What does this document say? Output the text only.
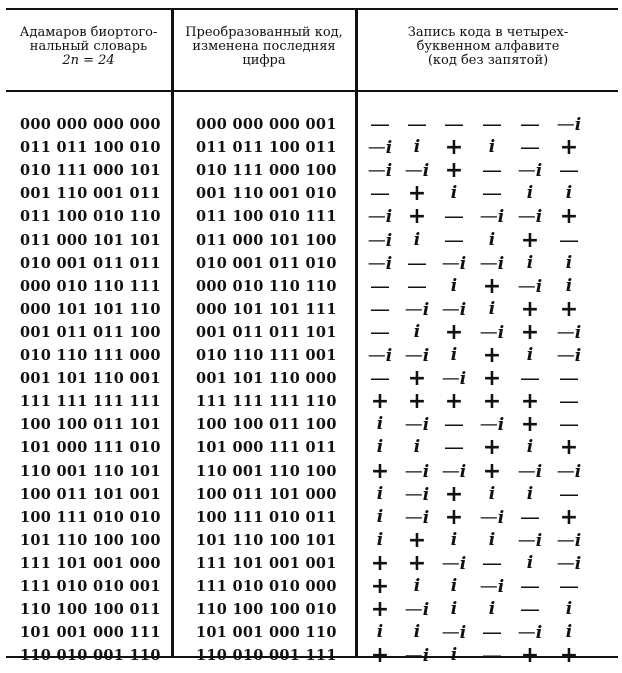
Адамаров биортого-
нальный словарь
2n = 24
Преобразованный код,
изменена последняя
цифра
Запись кода в четырех-
буквенном алфавите
(код без запятой)
000 000 000 000	000 000 000 001	— — — — — —i
011 011 100 010	011 011 100 011	—i	i	+	i	— +
010 111 000 101	010 111 000 100	—i —i + — —i —
001 110 001 011	001 110 001 010	— +	i	—	i	i
011 100 010 110	011 100 010 111	—i + — —i —i +
011 000 101 101	011 000 101 100	—i	i	—	i	+ —
010 001 011 011	010 001 011 010	—i — —i —i	i	i
000 010 110 111	000 010 110 110	— —	i	+ —i	i
000 101 101 110	000 101 101 111	— —i —i	i	+ +
001 011 011 100	001 011 011 101	—	i	+ —i + —i
010 110 111 000	010 110 111 001	—i —i	i	+	i	—i
001 101 110 001	001 101 110 000	— + —i + — —
111 111 111 111	111 111 111 110	+ + + + + —
100 100 011 101	100 100 011 100	i	—i — —i + —
101 000 111 010	101 000 111 011	i	i	— +	i	+
110 001 110 101	110 001 110 100	+ —i —i + —i —i
100 011 101 001	100 011 101 000	i	—i +	i	i	—
100 111 010 010	100 111 010 011	i	—i + —i — +
101 110 100 100	101 110 100 101	i	+	i	i	—i —i
111 101 001 000	111 101 001 001	+ + —i —	i	—i
111 010 010 001	111 010 010 000	+	i	i	—i — —
110 100 100 011	110 100 100 010	+ —i	i	i	—	i
101 001 000 111	101 001 000 110	i	i	—i — —i	i
110 010 001 110	110 010 001 111	+ —i	i	— + +
